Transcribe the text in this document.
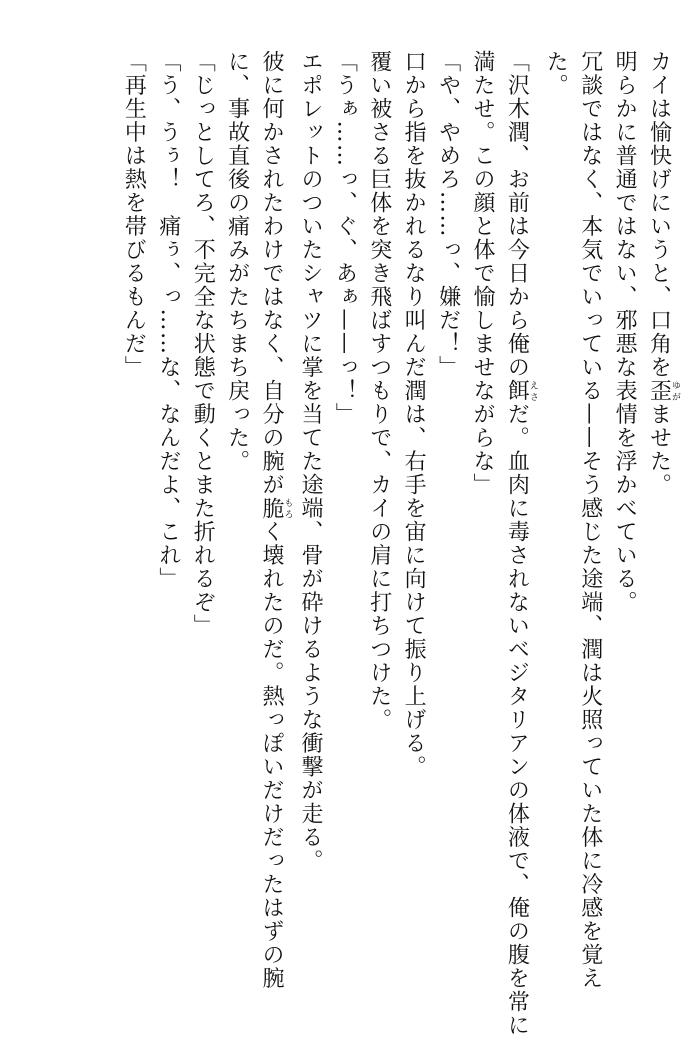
カイは愉快げにいうと、口角を歪ゆがませた。
明らかに普通ではない、邪悪な表情を浮かべている。
冗談ではなく、本気でいっている——そう感じた途端、潤は火照っていた体に冷感を覚え
た。
「沢木潤、お前は今日から俺の餌えさだ。血肉に毒されないベジタリアンの体液で、俺の腹を常に
満たせ。この顔と体で愉しませながらな」
「や、やめろ……っ、嫌だ！」
口から指を抜かれるなり叫んだ潤は、右手を宙に向けて振り上げる。
覆い被さる巨体を突き飛ばすつもりで、カイの肩に打ちつけた。
「うぁ……っ、ぐ、あぁ——っ！」
エポレットのついたシャツに掌を当てた途端、骨が砕けるような衝撃が走る。
彼に何かされたわけではなく、自分の腕が脆もろく壊れたのだ。熱っぽいだけだったはずの腕
に、事故直後の痛みがたちまち戻った。
「じっとしてろ、不完全な状態で動くとまた折れるぞ」
「う、うぅ！　痛ぅ、っ……な、なんだよ、これ」
「再生中は熱を帯びるもんだ」
